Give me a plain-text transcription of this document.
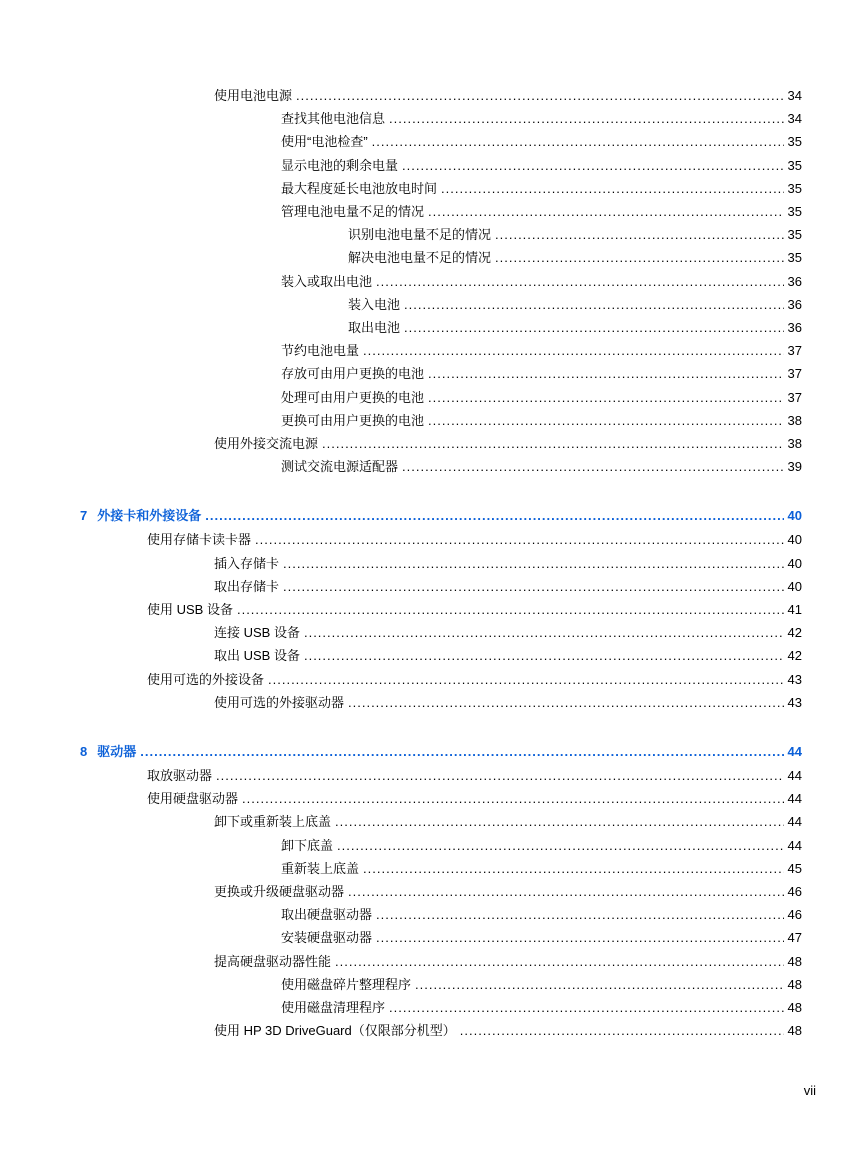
使用电池电源 .....	34
查找其他电池信息 .....	34
使用“电池检查” .....	35
显示电池的剩余电量 .....	35
最大程度延长电池放电时间 .....	35
管理电池电量不足的情况 .....	35
识别电池电量不足的情况 .....	35
解决电池电量不足的情况 .....	35
装入或取出电池 .....	36
装入电池 .....	36
取出电池 .....	36
节约电池电量 .....	37
存放可由用户更换的电池 .....	37
处理可由用户更换的电池 .....	37
更换可由用户更换的电池 .....	38
使用外接交流电源 .....	38
测试交流电源适配器 .....	39
7 外接卡和外接设备 .....	40
使用存储卡读卡器 .....	40
插入存储卡 .....	40
取出存储卡 .....	40
使用 USB 设备 .....	41
连接 USB 设备 .....	42
取出 USB 设备 .....	42
使用可选的外接设备 .....	43
使用可选的外接驱动器 .....	43
8 驱动器 .....	44
取放驱动器 .....	44
使用硬盘驱动器 .....	44
卸下或重新装上底盖 .....	44
卸下底盖 .....	44
重新装上底盖 .....	45
更换或升级硬盘驱动器 .....	46
取出硬盘驱动器 .....	46
安装硬盘驱动器 .....	47
提高硬盘驱动器性能 .....	48
使用磁盘碎片整理程序 .....	48
使用磁盘清理程序 .....	48
使用 HP 3D DriveGuard（仅限部分机型） .....	48
vii
